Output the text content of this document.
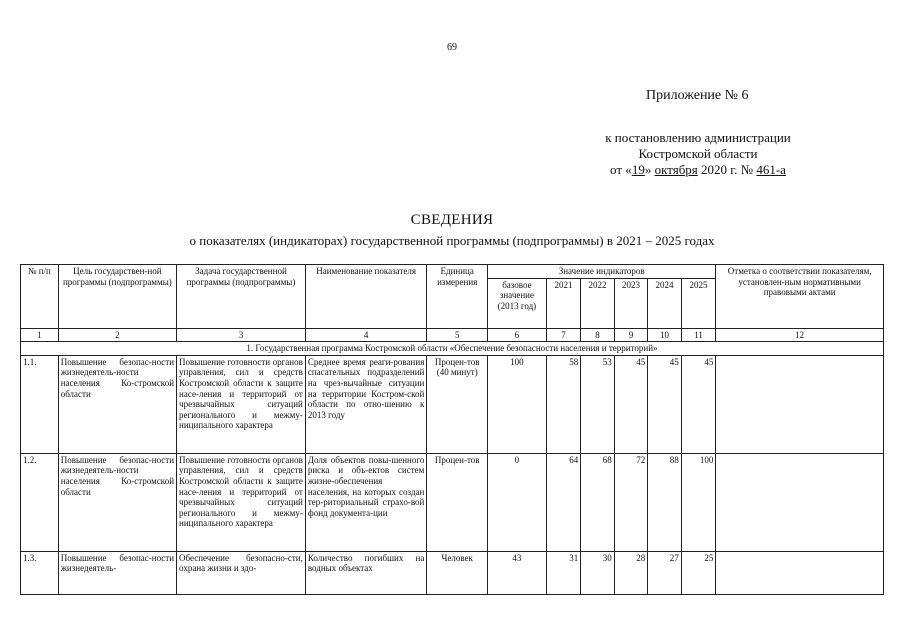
69
Приложение № 6
к постановлению администрации
Костромской области
от «19» октября 2020 г. № 461-а
СВЕДЕНИЯ
о показателях (индикаторах) государственной программы (подпрограммы) в 2021 – 2025 годах
№ п/п	Цель государствен-ной программы (подпрограммы)	Задача государственной программы (подпрограммы)	Наименование показателя	Единица измерения	Значение индикаторов						Отметка о соответствии показателям, установлен-ным нормативными правовыми актами
					базовое значение (2013 год)	2021	2022	2023	2024	2025	
1	2	3	4	5	6	7	8	9	10	11	12
1. Государственная программа Костромской области «Обеспечение безопасности населения и территорий»											
1.1.	Повышение безопас-ности жизнедеятель-ности населения Ко-стромской области	Повышение готовности органов управления, сил и средств Костромской области к защите насе-ления и территорий от чрезвычайных ситуаций регионального и межму-ниципального характера	Среднее время реаги-рования спасательных подразделений на чрез-вычайные ситуации на территории Костром-ской области по отно-шению к 2013 году	Процен-тов (40 минут)	100	58	53	45	45	45	
1.2.	Повышение безопас-ности жизнедеятель-ности населения Ко-стромской области	Повышение готовности органов управления, сил и средств Костромской области к защите насе-ления и территорий от чрезвычайных ситуаций регионального и межму-ниципального характера	Доля объектов повы-шенного риска и объ-ектов систем жизне-обеспечения населения, на которых создан тер-риториальный страхо-вой фонд документа-ции	Процен-тов	0	64	68	72	88	100	
1.3.	Повышение безопас-ности жизнедеятель-	Обеспечение безопасно-сти, охрана жизни и здо-	Количество погибших на водных объектах	Человек	43	31	30	28	27	25	
